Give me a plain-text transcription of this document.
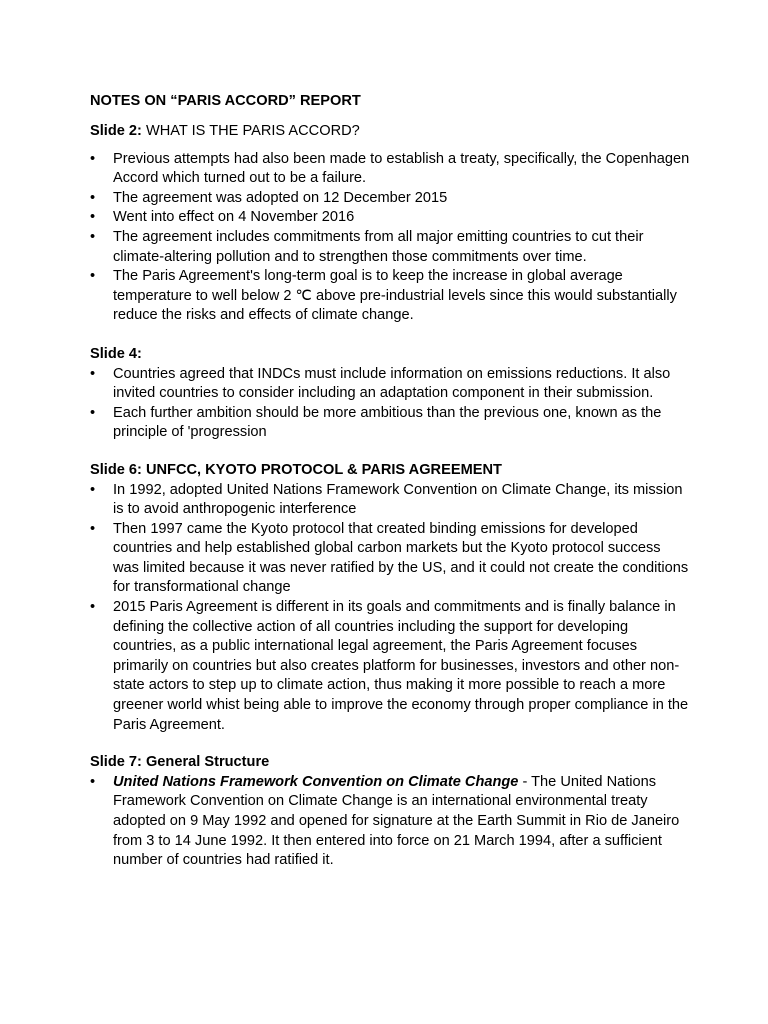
NOTES ON “PARIS ACCORD” REPORT
Slide 2: WHAT IS THE PARIS ACCORD?
• Previous attempts had also been made to establish a treaty, specifically, the Copenhagen Accord which turned out to be a failure.
• The agreement was adopted on 12 December 2015
• Went into effect on 4 November 2016
• The agreement includes commitments from all major emitting countries to cut their climate-altering pollution and to strengthen those commitments over time.
• The Paris Agreement's long-term goal is to keep the increase in global average temperature to well below 2 ℃ above pre-industrial levels since this would substantially reduce the risks and effects of climate change.
Slide 4:
• Countries agreed that INDCs must include information on emissions reductions. It also invited countries to consider including an adaptation component in their submission.
• Each further ambition should be more ambitious than the previous one, known as the principle of 'progression
Slide 6: UNFCC, KYOTO PROTOCOL & PARIS AGREEMENT
• In 1992, adopted United Nations Framework Convention on Climate Change, its mission is to avoid anthropogenic interference
• Then 1997 came the Kyoto protocol that created binding emissions for developed countries and help established global carbon markets but the Kyoto protocol success was limited because it was never ratified by the US, and it could not create the conditions for transformational change
• 2015 Paris Agreement is different in its goals and commitments and is finally balance in defining the collective action of all countries including the support for developing countries, as a public international legal agreement, the Paris Agreement focuses primarily on countries but also creates platform for businesses, investors and other non-state actors to step up to climate action, thus making it more possible to reach a more greener world whist being able to improve the economy through proper compliance in the Paris Agreement.
Slide 7: General Structure
• United Nations Framework Convention on Climate Change - The United Nations Framework Convention on Climate Change is an international environmental treaty adopted on 9 May 1992 and opened for signature at the Earth Summit in Rio de Janeiro from 3 to 14 June 1992. It then entered into force on 21 March 1994, after a sufficient number of countries had ratified it.
